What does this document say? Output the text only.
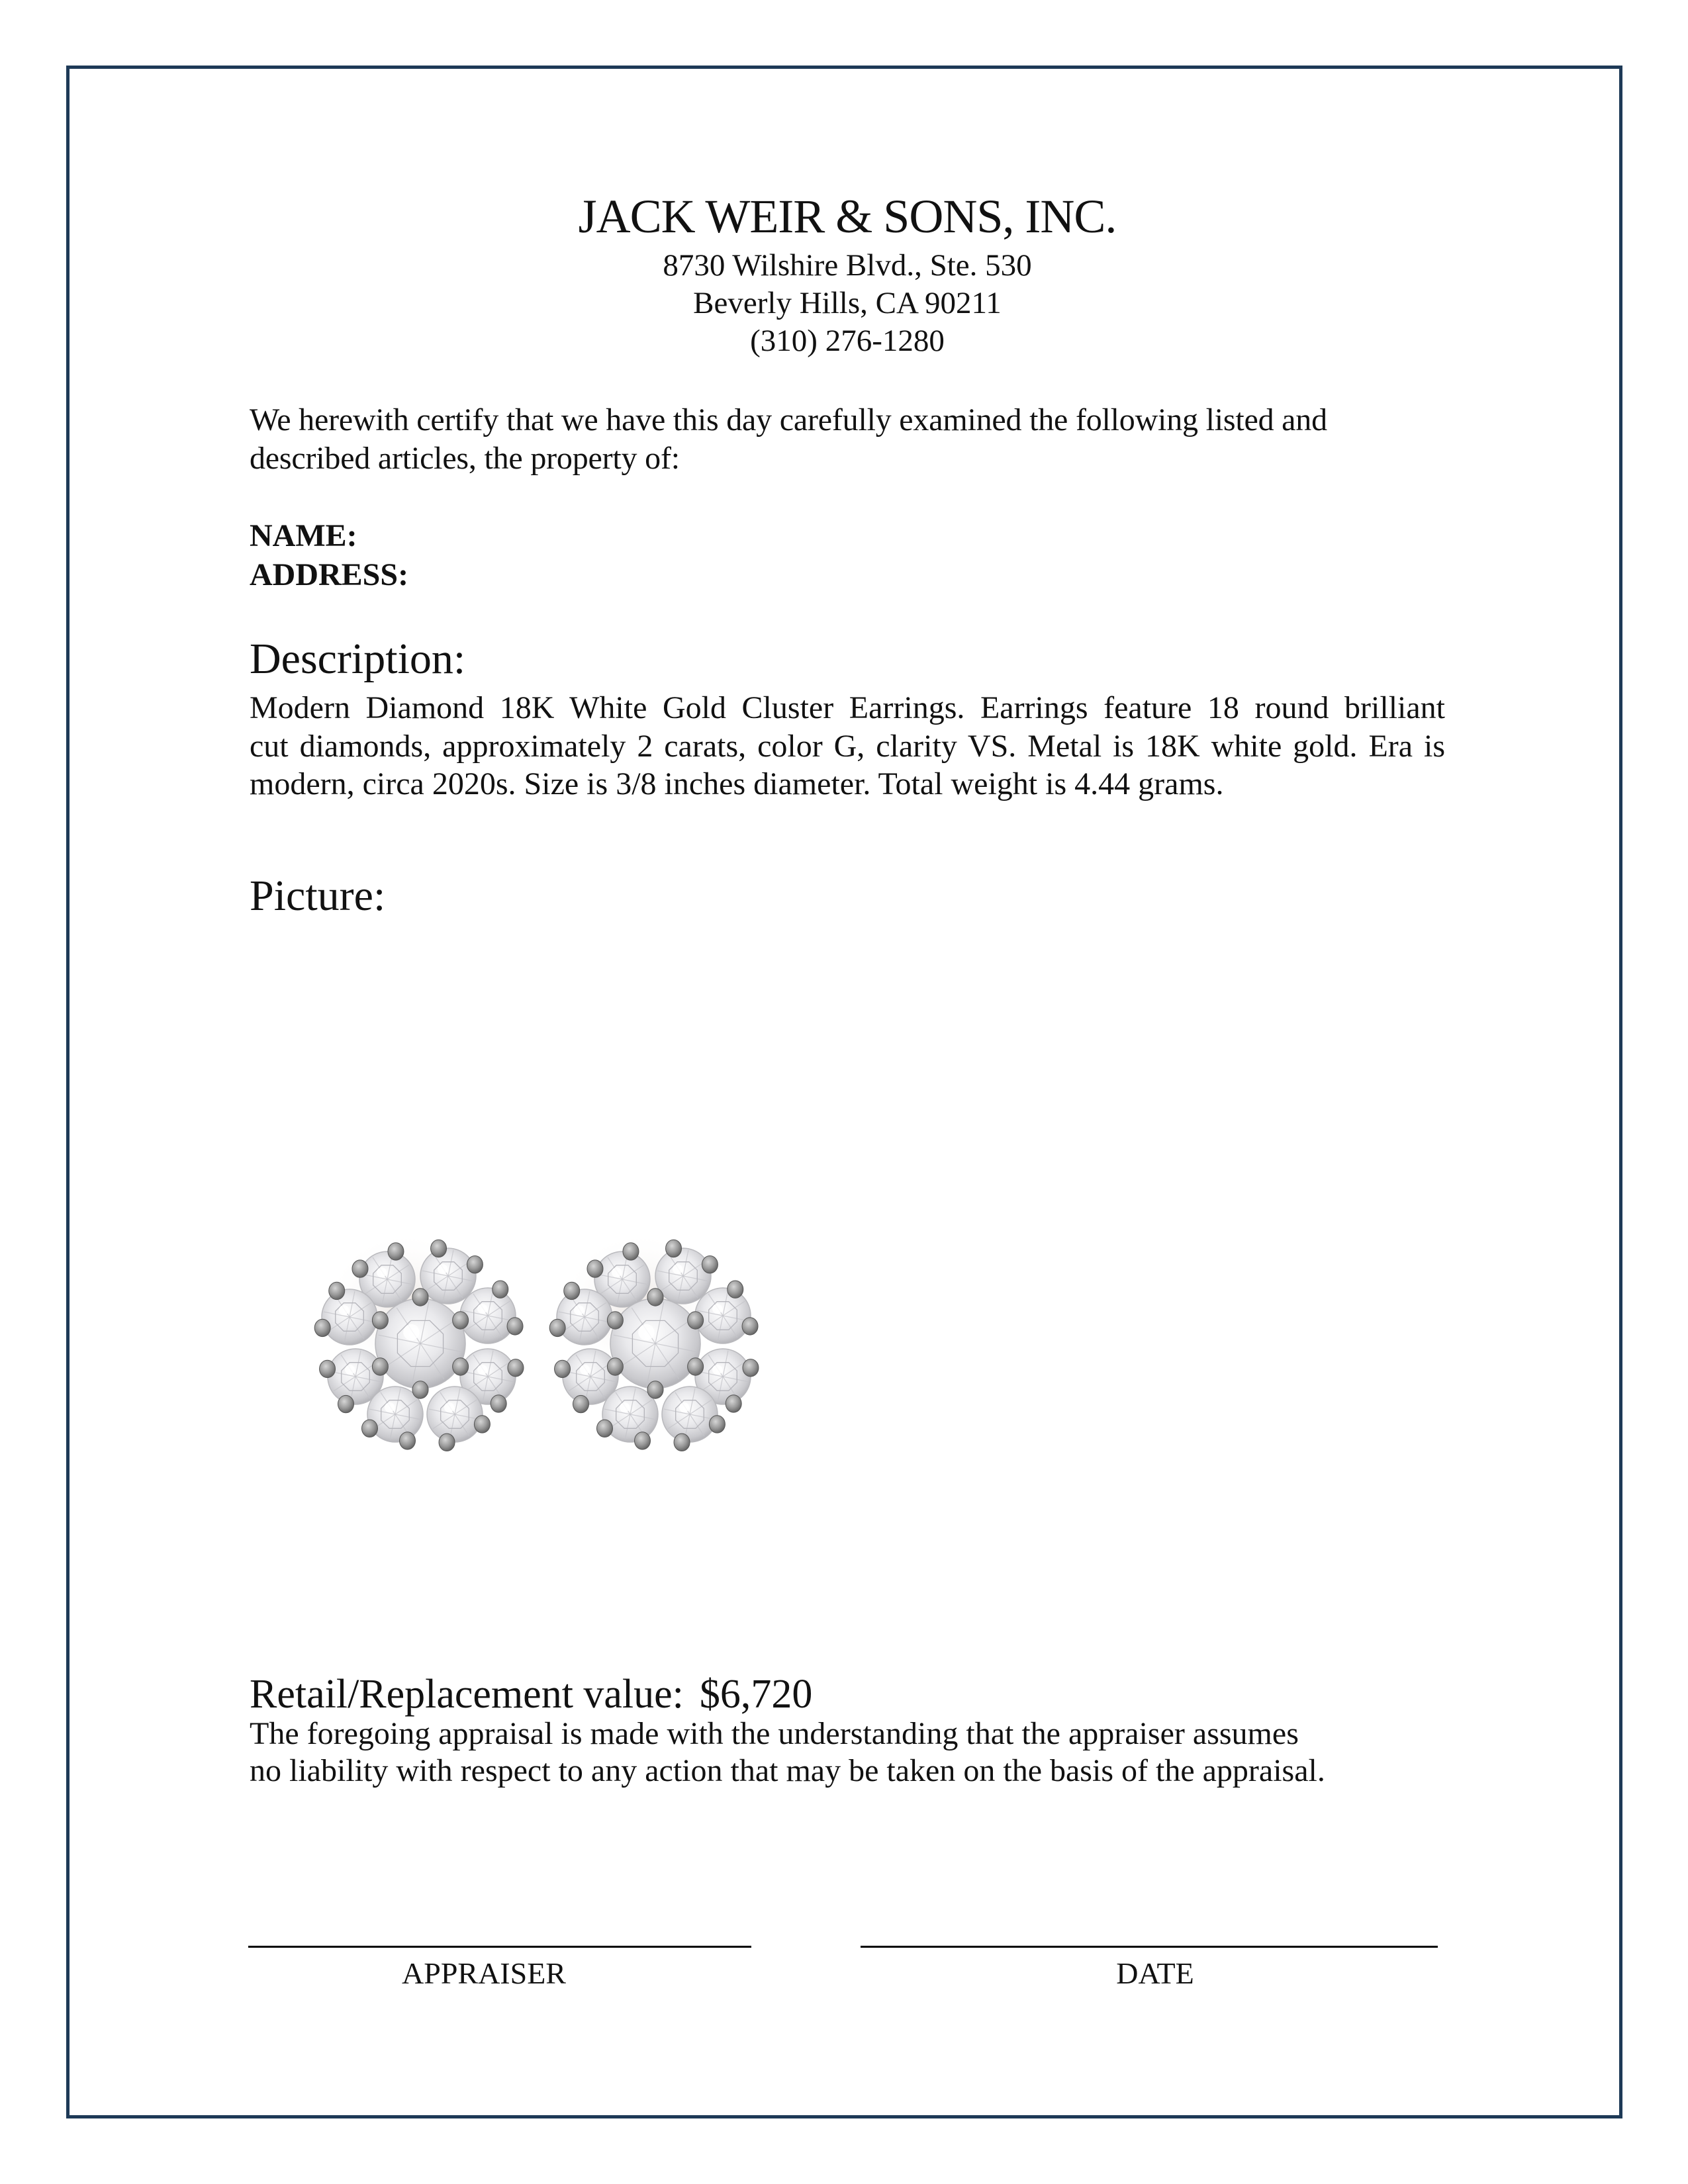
JACK WEIR & SONS, INC.
8730 Wilshire Blvd., Ste. 530
Beverly Hills, CA 90211
(310) 276-1280
We herewith certify that we have this day carefully examined the following listed and
described articles, the property of:
NAME:
ADDRESS:
Description:
Modern Diamond 18K White Gold Cluster Earrings. Earrings feature 18 round brilliant
cut diamonds, approximately 2 carats, color G, clarity VS. Metal is 18K white gold. Era is
modern, circa 2020s. Size is 3/8 inches diameter. Total weight is 4.44 grams.
Picture:
Retail/Replacement value: $6,720
The foregoing appraisal is made with the understanding that the appraiser assumes
no liability with respect to any action that may be taken on the basis of the appraisal.
APPRAISER	DATE
